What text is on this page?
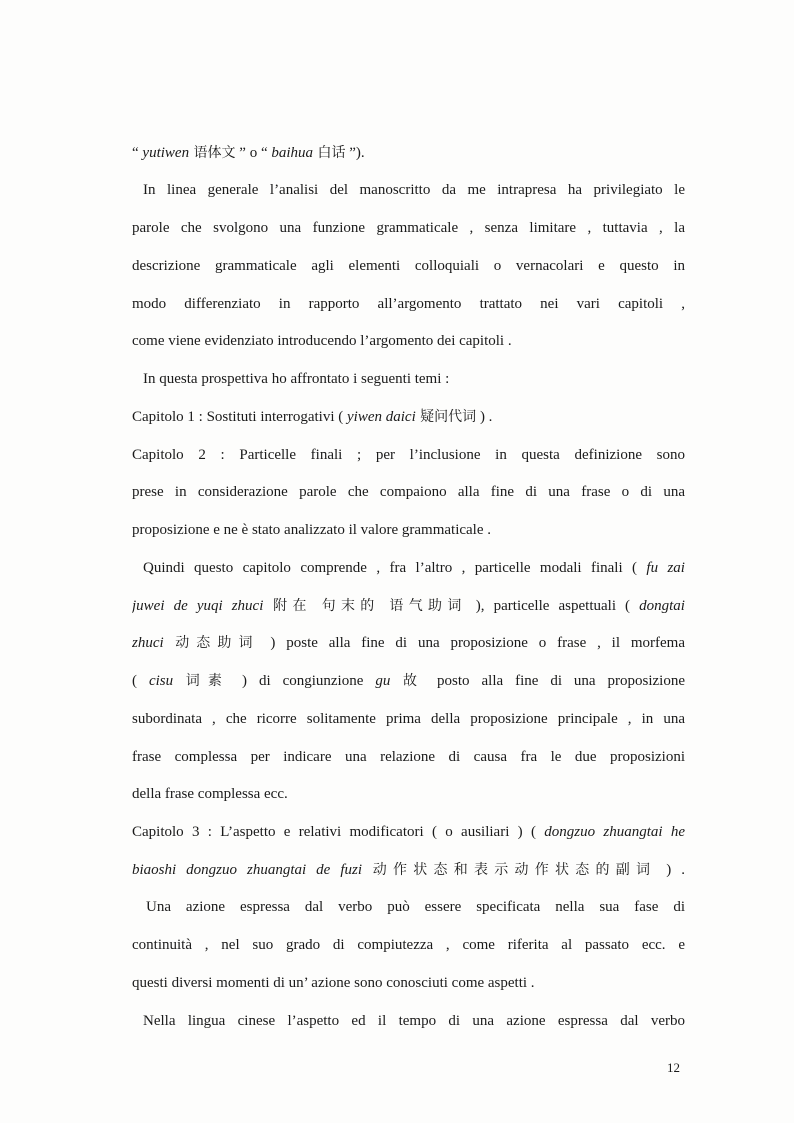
“ yutiwen 语体文 ” o “ baihua 白话 ”).
In linea generale l’analisi del manoscritto da me intrapresa ha privilegiato le
parole che svolgono una funzione grammaticale , senza limitare , tuttavia , la
descrizione grammaticale agli elementi colloquiali o vernacolari e questo in
modo differenziato in rapporto all’argomento trattato nei vari capitoli ,
come viene evidenziato introducendo l’argomento dei capitoli .
In questa prospettiva ho affrontato i seguenti temi :
Capitolo 1 : Sostituti interrogativi ( yiwen daici 疑问代词 ) .
Capitolo 2 : Particelle finali ; per l’inclusione in questa definizione sono
prese in considerazione parole che compaiono alla fine di una frase o di una
proposizione e ne è stato analizzato il valore grammaticale .
Quindi questo capitolo comprende , fra l’altro , particelle modali finali ( fu zai
juwei de yuqi zhuci 附在 句末的 语气助词 ), particelle aspettuali ( dongtai
zhuci 动态助词 ) poste alla fine di una proposizione o frase , il morfema
( cisu 词素 ) di congiunzione gu 故 posto alla fine di una proposizione
subordinata , che ricorre solitamente prima della proposizione principale , in una
frase complessa per indicare una relazione di causa fra le due proposizioni
della frase complessa ecc.
Capitolo 3 : L’aspetto e relativi modificatori ( o ausiliari ) ( dongzuo zhuangtai he
biaoshi dongzuo zhuangtai de fuzi 动作状态和表示动作状态的副词 ) .
Una azione espressa dal verbo può essere specificata nella sua fase di
continuità , nel suo grado di compiutezza , come riferita al passato ecc. e
questi diversi momenti di un’ azione sono conosciuti come aspetti .
Nella lingua cinese l’aspetto ed il tempo di una azione espressa dal verbo
12
